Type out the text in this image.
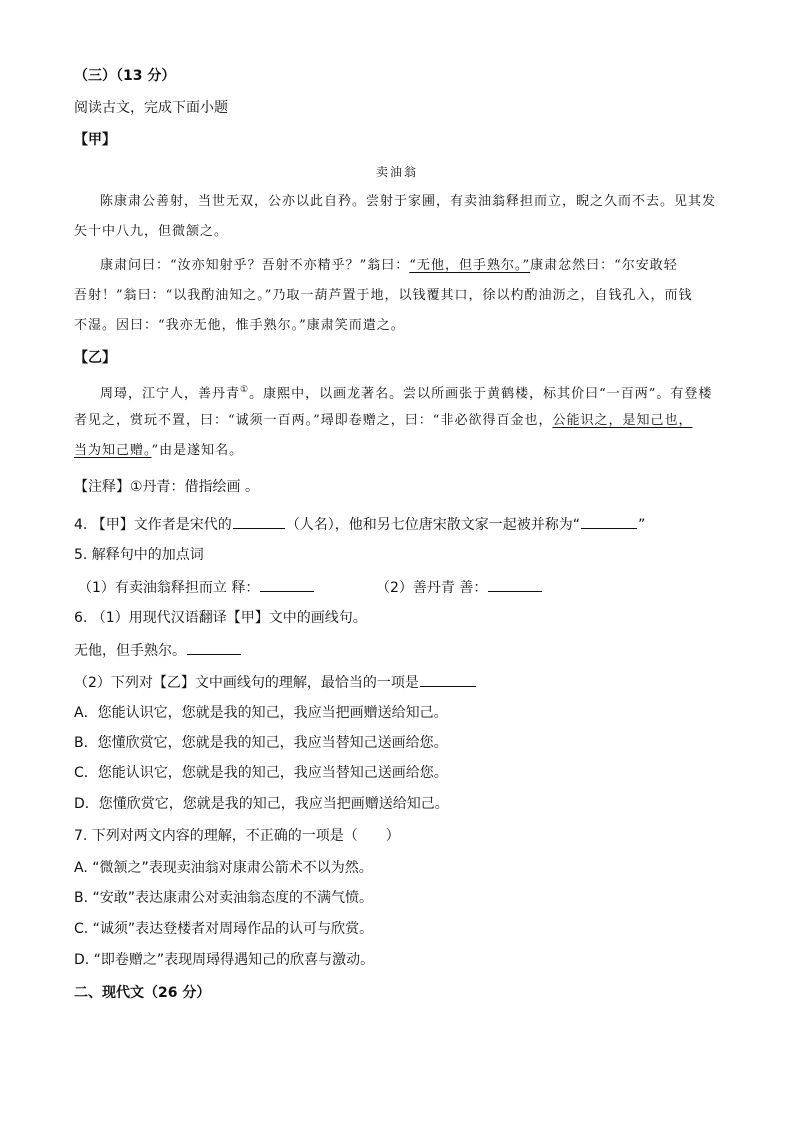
（三）（13 分）
阅读古文，完成下面小题
【甲】
卖油翁
陈康肃公善射，当世无双，公亦以此自矜。尝射于家圃，有卖油翁释担而立，睨之久而不去。见其发
矢十中八九，但微颔之。
康肃问曰：“汝亦知射乎？吾射不亦精乎？”翁曰：“无他，但手熟尔。”康肃忿然曰：“尔安敢轻
吾射！”翁曰：“以我酌油知之。”乃取一葫芦置于地，以钱覆其口，徐以杓酌油沥之，自钱孔入，而钱
不湿。因曰：“我亦无他，惟手熟尔。”康肃笑而遣之。
【乙】
周璕，江宁人，善丹青①。康熙中，以画龙著名。尝以所画张于黄鹤楼，标其价曰“一百两”。有登楼
者见之，赏玩不置，曰：“诚须一百两。”璕即卷赠之，曰：“非必欲得百金也，公能识之，是知己也，
当为知己赠。”由是遂知名。
【注释】①丹青：借指绘画 。
4. 【甲】文作者是宋代的	（人名），他和另七位唐宋散文家一起被并称为“	”
5. 解释句中的加点词
（1）有卖油翁释担而立 释：	（2）善丹青 善：
6. （1）用现代汉语翻译【甲】文中的画线句。
无他，但手熟尔。
（2）下列对【乙】文中画线句的理解，最恰当的一项是
A．您能认识它，您就是我的知己，我应当把画赠送给知己。
B．您懂欣赏它，您就是我的知己，我应当替知己送画给您。
C．您能认识它，您就是我的知己，我应当替知己送画给您。
D．您懂欣赏它，您就是我的知己，我应当把画赠送给知己。
7. 下列对两文内容的理解，不正确的一项是（　　）
A. “微颔之”表现卖油翁对康肃公箭术不以为然。
B. “安敢”表达康肃公对卖油翁态度的不满气愤。
C. “诚须”表达登楼者对周璕作品的认可与欣赏。
D. “即卷赠之”表现周璕得遇知己的欣喜与激动。
二、现代文（26 分）
